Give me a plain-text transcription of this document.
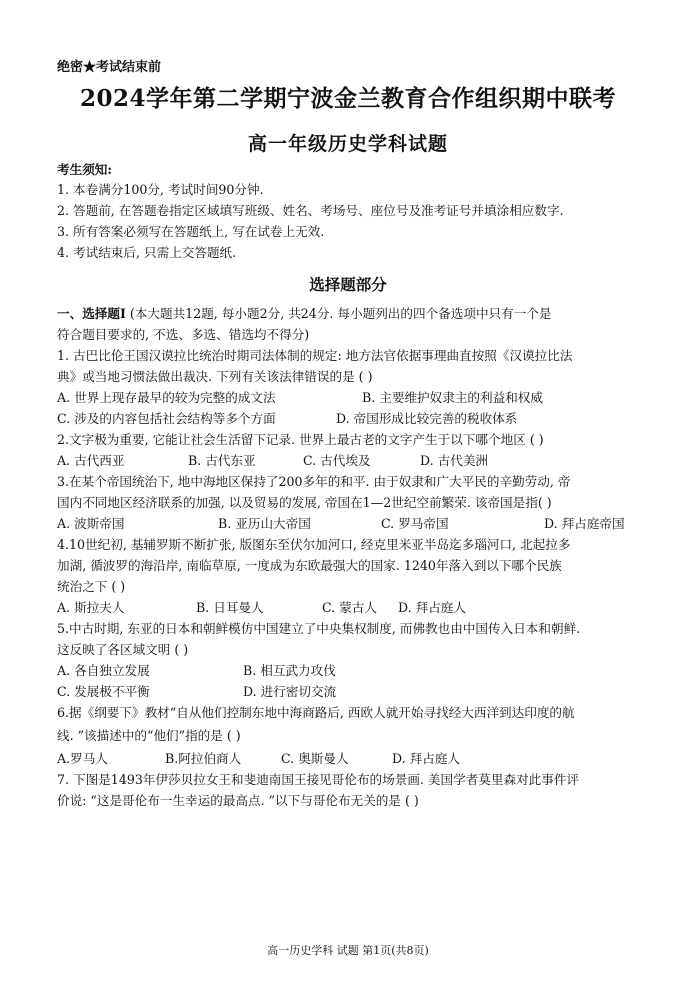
绝密★考试结束前
2024学年第二学期宁波金兰教育合作组织期中联考
高一年级历史学科试题
考生须知:
1. 本卷满分100分, 考试时间90分钟.
2. 答题前, 在答题卷指定区域填写班级、姓名、考场号、座位号及准考证号并填涂相应数字.
3. 所有答案必须写在答题纸上, 写在试卷上无效.
4. 考试结束后, 只需上交答题纸.
选择题部分
一、选择题Ⅰ (本大题共12题, 每小题2分, 共24分. 每小题列出的四个备选项中只有一个是
符合题目要求的, 不选、多选、错选均不得分)
1. 古巴比伦王国汉谟拉比统治时期司法体制的规定: 地方法官依据事理曲直按照《汉谟拉比法
典》或当地习惯法做出裁决. 下列有关该法律错误的是 ( )
A. 世界上现存最早的较为完整的成文法	B. 主要维护奴隶主的利益和权威
C. 涉及的内容包括社会结构等多个方面	D. 帝国形成比较完善的税收体系
2.文字极为重要, 它能让社会生活留下记录. 世界上最古老的文字产生于以下哪个地区 ( )
A. 古代西亚	B. 古代东亚	C. 古代埃及	D. 古代美洲
3.在某个帝国统治下, 地中海地区保持了200多年的和平. 由于奴隶和广大平民的辛勤劳动, 帝
国内不同地区经济联系的加强, 以及贸易的发展, 帝国在1—2世纪空前繁荣. 该帝国是指( )
A. 波斯帝国	B. 亚历山大帝国	C. 罗马帝国	D. 拜占庭帝国
4.10世纪初, 基辅罗斯不断扩张, 版图东至伏尔加河口, 经克里米亚半岛迄多瑙河口, 北起拉多
加湖, 循波罗的海沿岸, 南临草原, 一度成为东欧最强大的国家. 1240年落入到以下哪个民族
统治之下 ( )
A. 斯拉夫人	B. 日耳曼人	C. 蒙古人 D. 拜占庭人
5.中古时期, 东亚的日本和朝鲜模仿中国建立了中央集权制度, 而佛教也由中国传入日本和朝鲜.
这反映了各区域文明 ( )
A. 各自独立发展	B. 相互武力攻伐
C. 发展极不平衡	D. 进行密切交流
6.据《纲要下》教材“自从他们控制东地中海商路后, 西欧人就开始寻找经大西洋到达印度的航
线. ”该描述中的“他们”指的是 ( )
A.罗马人	B.阿拉伯商人	C. 奥斯曼人	D. 拜占庭人
7. 下图是1493年伊莎贝拉女王和斐迪南国王接见哥伦布的场景画. 美国学者莫里森对此事件评
价说: “这是哥伦布一生幸运的最高点. ”以下与哥伦布无关的是 ( )
高一历史学科 试题 第1页(共8页)
